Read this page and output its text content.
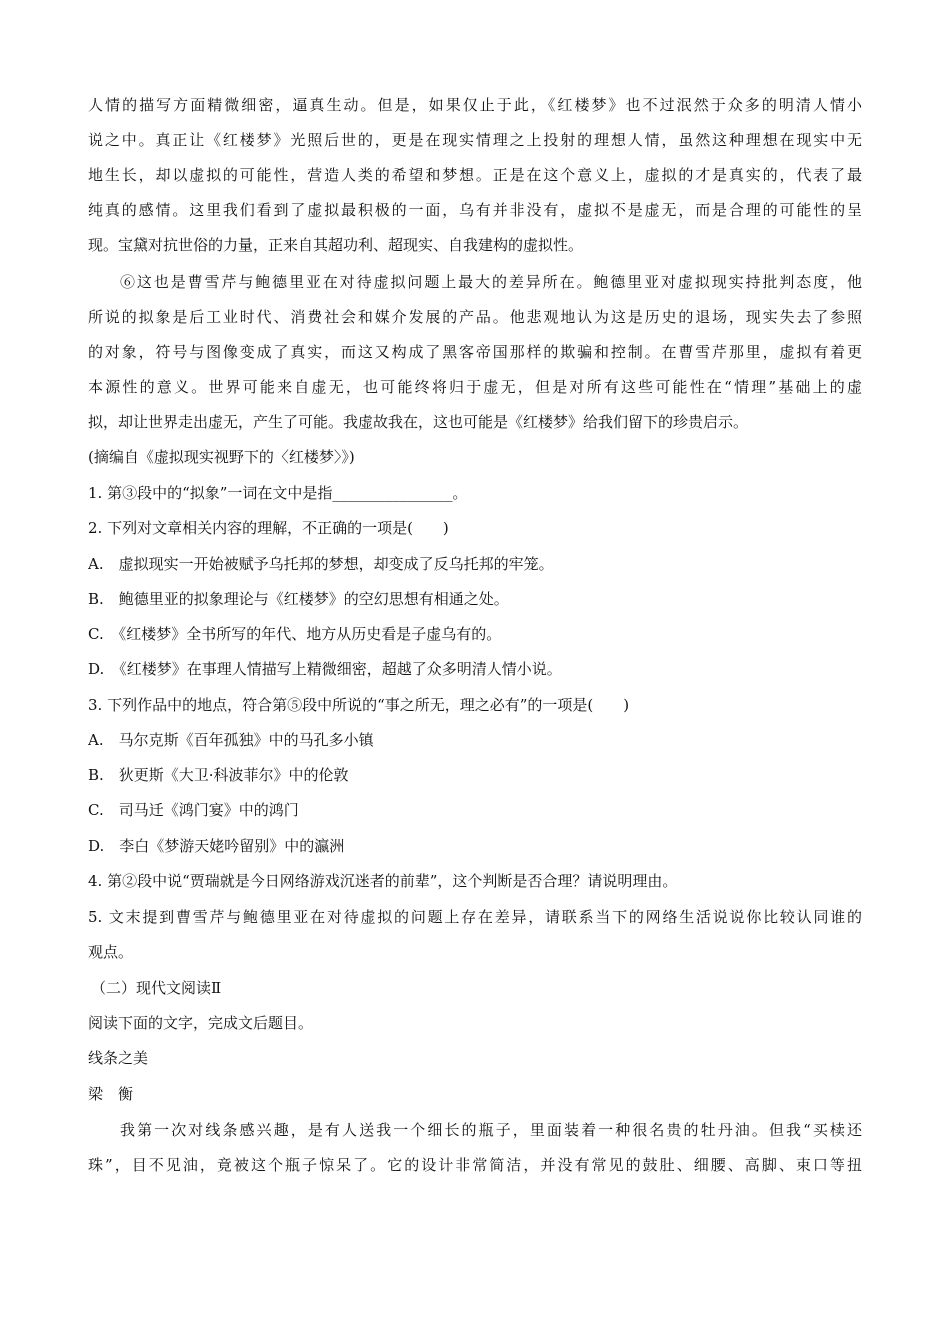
人情的描写方面精微细密，逼真生动。但是，如果仅止于此，《红楼梦》也不过泯然于众多的明清人情小
说之中。真正让《红楼梦》光照后世的，更是在现实情理之上投射的理想人情，虽然这种理想在现实中无
地生长，却以虚拟的可能性，营造人类的希望和梦想。正是在这个意义上，虚拟的才是真实的，代表了最
纯真的感情。这里我们看到了虚拟最积极的一面，乌有并非没有，虚拟不是虚无，而是合理的可能性的呈
现。宝黛对抗世俗的力量，正来自其超功利、超现实、自我建构的虚拟性。
⑥这也是曹雪芹与鲍德里亚在对待虚拟问题上最大的差异所在。鲍德里亚对虚拟现实持批判态度，他
所说的拟象是后工业时代、消费社会和媒介发展的产品。他悲观地认为这是历史的退场，现实失去了参照
的对象，符号与图像变成了真实，而这又构成了黑客帝国那样的欺骗和控制。在曹雪芹那里，虚拟有着更
本源性的意义。世界可能来自虚无，也可能终将归于虚无，但是对所有这些可能性在“情理”基础上的虚
拟，却让世界走出虚无，产生了可能。我虚故我在，这也可能是《红楼梦》给我们留下的珍贵启示。
(摘编自《虚拟现实视野下的〈红楼梦〉》)
1. 第③段中的“拟象”一词在文中是指________________。
2. 下列对文章相关内容的理解，不正确的一项是(　　)
A.　虚拟现实一开始被赋予乌托邦的梦想，却变成了反乌托邦的牢笼。
B.　鲍德里亚的拟象理论与《红楼梦》的空幻思想有相通之处。
C.　《红楼梦》全书所写的年代、地方从历史看是子虚乌有的。
D.　《红楼梦》在事理人情描写上精微细密，超越了众多明清人情小说。
3. 下列作品中的地点，符合第⑤段中所说的“事之所无，理之必有”的一项是(　　)
A.　马尔克斯《百年孤独》中的马孔多小镇
B.　狄更斯《大卫·科波菲尔》中的伦敦
C.　司马迁《鸿门宴》中的鸿门
D.　李白《梦游天姥吟留别》中的瀛洲
4. 第②段中说“贾瑞就是今日网络游戏沉迷者的前辈”，这个判断是否合理？请说明理由。
5. 文末提到曹雪芹与鲍德里亚在对待虚拟的问题上存在差异，请联系当下的网络生活说说你比较认同谁的
观点。
（二）现代文阅读Ⅱ
阅读下面的文字，完成文后题目。
线条之美
梁　衡
我第一次对线条感兴趣，是有人送我一个细长的瓶子，里面装着一种很名贵的牡丹油。但我“买椟还
珠”，目不见油，竟被这个瓶子惊呆了。它的设计非常简洁，并没有常见的鼓肚、细腰、高脚、束口等扭
